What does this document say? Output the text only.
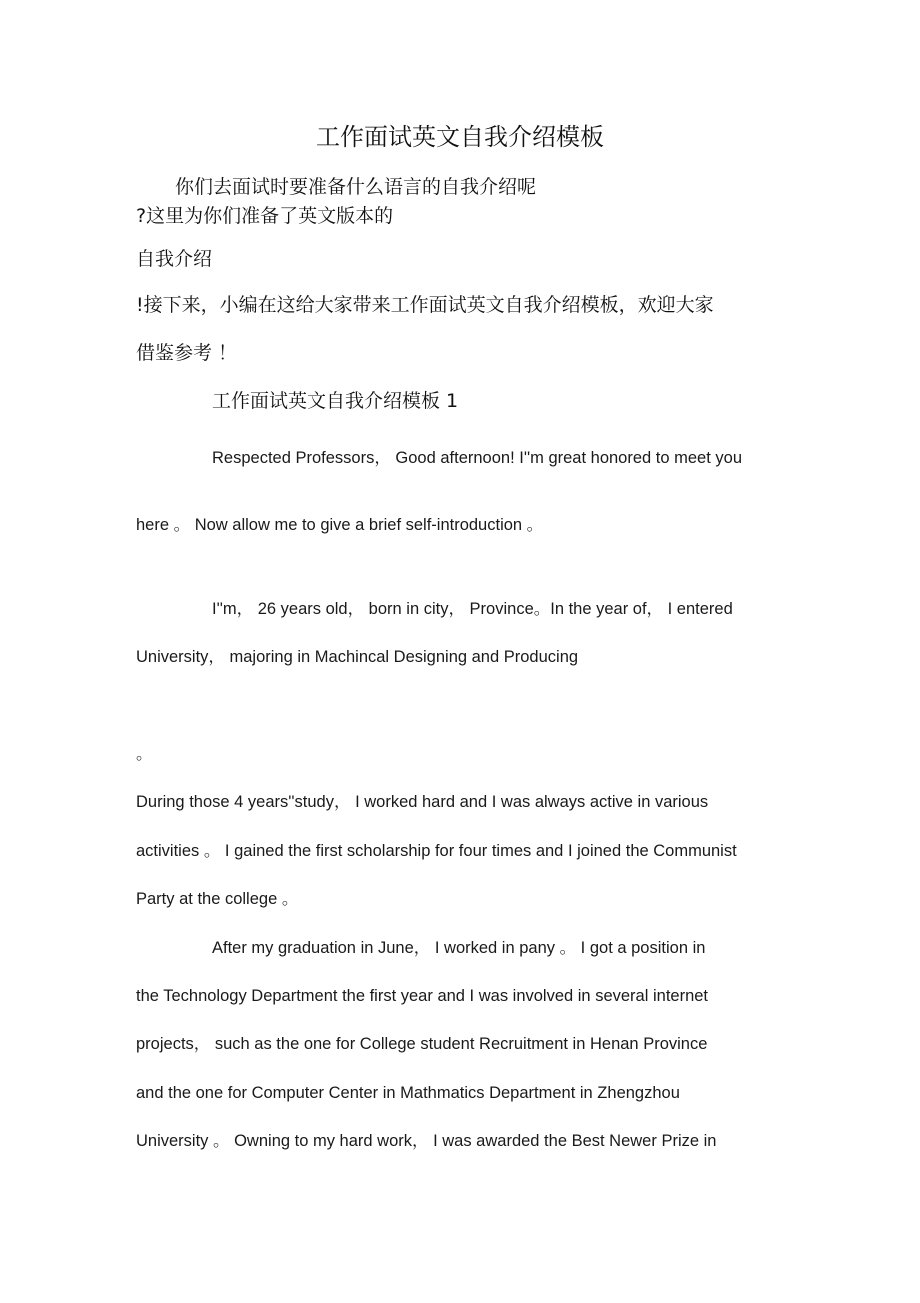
工作面试英文自我介绍模板
你们去面试时要准备什么语言的自我介绍呢
?这里为你们准备了英文版本的
自我介绍
!接下来，小编在这给大家带来工作面试英文自我介绍模板，欢迎大家
借鉴参考 ！
工作面试英文自我介绍模板 1
Respected Professors， Good afternoon! I''m great honored to meet you
here 。 Now allow me to give a brief self-introduction 。
I''m， 26 years old， born in city， Province。In the year of， I entered
University， majoring in Machincal Designing and Producing
。
During those 4 years''study， I worked hard and I was always active in various
activities 。 I gained the first scholarship for four times and I joined the Communist
Party at the college 。
After my graduation in June， I worked in pany 。 I got a position in
the Technology Department the first year and I was involved in several internet
projects， such as the one for College student Recruitment in Henan Province
and the one for Computer Center in Mathmatics Department in Zhengzhou
University 。 Owning to my hard work， I was awarded the Best Newer Prize in
